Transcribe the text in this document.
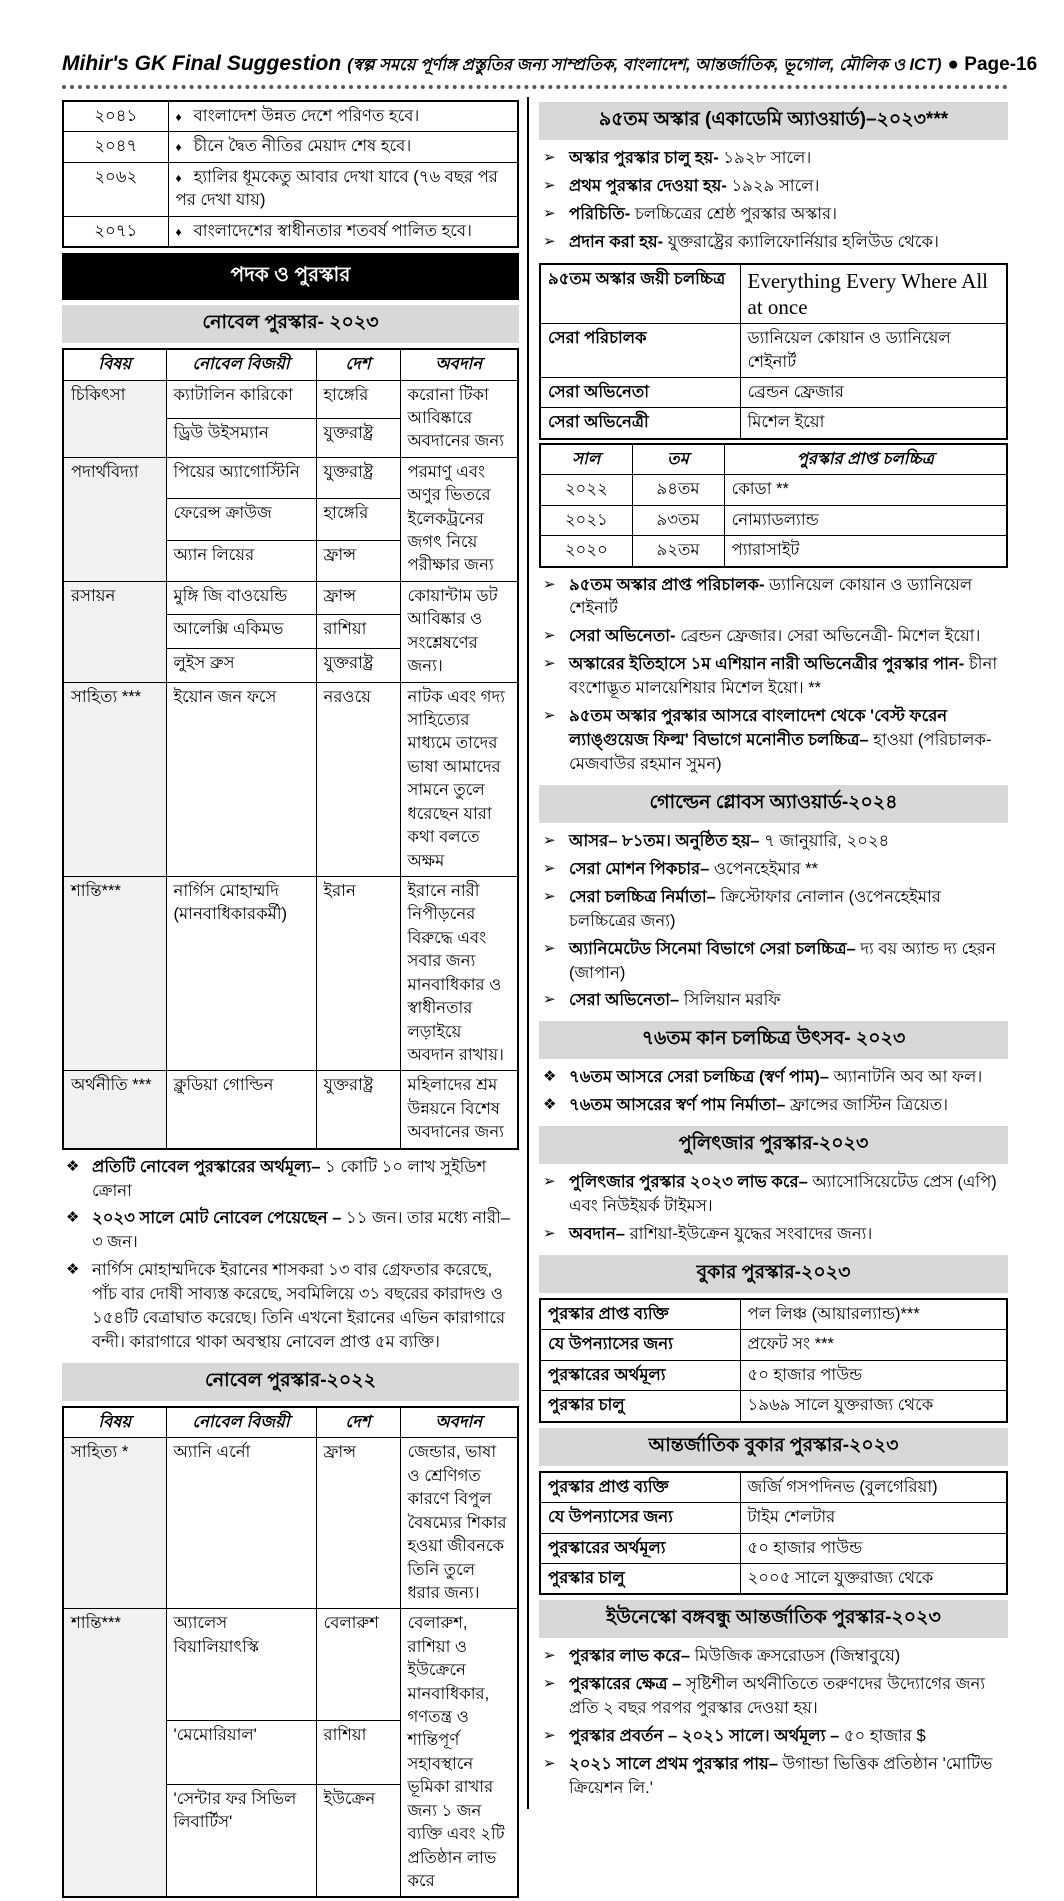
Mihir's GK Final Suggestion (স্বল্প সময়ে পূর্ণাঙ্গ প্রস্তুতির জন্য সাম্প্রতিক, বাংলাদেশ, আন্তর্জাতিক, ভূগোল, মৌলিক ও ICT) ● Page-16
২০৪১	♦ বাংলাদেশ উন্নত দেশে পরিণত হবে।
২০৪৭	♦ চীনে দ্বৈত নীতির মেয়াদ শেষ হবে।
২০৬২	♦ হ্যালির ধূমকেতু আবার দেখা যাবে (৭৬ বছর পর পর দেখা যায়)
২০৭১	♦ বাংলাদেশের স্বাধীনতার শতবর্ষ পালিত হবে।
পদক ও পুরস্কার
নোবেল পুরস্কার- ২০২৩
বিষয়	নোবেল বিজয়ী	দেশ	অবদান
চিকিৎসা	ক্যাটালিন কারিকো	হাঙ্গেরি	করোনা টিকা আবিষ্কারে অবদানের জন্য
	ড্রিউ উইসম্যান	যুক্তরাষ্ট্র	
পদার্থবিদ্যা	পিয়ের অ্যাগোস্টিনি	যুক্তরাষ্ট্র	পরমাণু এবং অণুর ভিতরে ইলেকট্রনের জগৎ নিয়ে পরীক্ষার জন্য
	ফেরেন্স ক্রাউজ	হাঙ্গেরি	
	অ্যান লিয়ের	ফ্রান্স	
রসায়ন	মুঙ্গি জি বাওয়েন্ডি	ফ্রান্স	কোয়ান্টাম ডট আবিষ্কার ও সংশ্লেষণের জন্য।
	আলেক্সি একিমভ	রাশিয়া	
	লুইস ব্রুস	যুক্তরাষ্ট্র	
সাহিত্য ***	ইয়োন জন ফসে	নরওয়ে	নাটক এবং গদ্য সাহিত্যের মাধ্যমে তাদের ভাষা আমাদের সামনে তুলে ধরেছেন যারা কথা বলতে অক্ষম
শান্তি***	নার্গিস মোহাম্মদি (মানবাধিকারকর্মী)	ইরান	ইরানে নারী নিপীড়নের বিরুদ্ধে এবং সবার জন্য মানবাধিকার ও স্বাধীনতার লড়াইয়ে অবদান রাখায়।
অর্থনীতি ***	ক্লুডিয়া গোল্ডিন	যুক্তরাষ্ট্র	মহিলাদের শ্রম উন্নয়নে বিশেষ অবদানের জন্য
❖ প্রতিটি নোবেল পুরস্কারের অর্থমূল্য– ১ কোটি ১০ লাখ সুইডিশ ক্রোনা
❖ ২০২৩ সালে মোট নোবেল পেয়েছেন – ১১ জন। তার মধ্যে নারী– ৩ জন।
❖ নার্গিস মোহাম্মদিকে ইরানের শাসকরা ১৩ বার গ্রেফতার করেছে, পাঁচ বার দোষী সাব্যস্ত করেছে, সবমিলিয়ে ৩১ বছরের কারাদণ্ড ও ১৫৪টি বেত্রাঘাত করেছে। তিনি এখনো ইরানের এভিন কারাগারে বন্দী। কারাগারে থাকা অবস্থায় নোবেল প্রাপ্ত ৫ম ব্যক্তি।
নোবেল পুরস্কার-২০২২
বিষয়	নোবেল বিজয়ী	দেশ	অবদান
সাহিত্য *	অ্যানি এর্নো	ফ্রান্স	জেন্ডার, ভাষা ও শ্রেণিগত কারণে বিপুল বৈষম্যের শিকার হওয়া জীবনকে তিনি তুলে ধরার জন্য।
শান্তি***	অ্যালেস বিয়ালিয়াৎস্কি	বেলারুশ	বেলারুশ, রাশিয়া ও ইউক্রেনে মানবাধিকার, গণতন্ত্র ও শান্তিপূর্ণ সহাবস্থানে ভূমিকা রাখার জন্য ১ জন ব্যক্তি এবং ২টি প্রতিষ্ঠান লাভ করে
	'মেমোরিয়াল'	রাশিয়া	
	'সেন্টার ফর সিভিল লিবার্টিস'	ইউক্রেন	
৯৫তম অস্কার (একাডেমি অ্যাওয়ার্ড)–২০২৩***
➢ অস্কার পুরস্কার চালু হয়- ১৯২৮ সালে।
➢ প্রথম পুরস্কার দেওয়া হয়- ১৯২৯ সালে।
➢ পরিচিতি- চলচ্চিত্রের শ্রেষ্ঠ পুরস্কার অস্কার।
➢ প্রদান করা হয়- যুক্তরাষ্ট্রের ক্যালিফোর্নিয়ার হলিউড থেকে।
৯৫তম অস্কার জয়ী চলচ্চিত্র	Everything Every Where All at once
সেরা পরিচালক	ড্যানিয়েল কোয়ান ও ড্যানিয়েল শেইনার্ট
সেরা অভিনেতা	ব্রেন্ডন ফ্রেজার
সেরা অভিনেত্রী	মিশেল ইয়ো
সাল	তম	পুরস্কার প্রাপ্ত চলচ্চিত্র
২০২২	৯৪তম	কোডা **
২০২১	৯৩তম	নোম্যাডল্যান্ড
২০২০	৯২তম	প্যারাসাইট
➢ ৯৫তম অস্কার প্রাপ্ত পরিচালক- ড্যানিয়েল কোয়ান ও ড্যানিয়েল শেইনার্ট
➢ সেরা অভিনেতা- ব্রেন্ডন ফ্রেজার। সেরা অভিনেত্রী- মিশেল ইয়ো।
➢ অস্কারের ইতিহাসে ১ম এশিয়ান নারী অভিনেত্রীর পুরস্কার পান- চীনা বংশোদ্ভূত মালয়েশিয়ার মিশেল ইয়ো। **
➢ ৯৫তম অস্কার পুরস্কার আসরে বাংলাদেশ থেকে 'বেস্ট ফরেন ল্যাঙ্গুয়েজ ফিল্ম' বিভাগে মনোনীত চলচ্চিত্র– হাওয়া (পরিচালক- মেজবাউর রহমান সুমন)
গোল্ডেন গ্লোবস অ্যাওয়ার্ড-২০২৪
➢ আসর– ৮১তম। অনুষ্ঠিত হয়– ৭ জানুয়ারি, ২০২৪
➢ সেরা মোশন পিকচার– ওপেনহেইমার **
➢ সেরা চলচ্চিত্র নির্মাতা– ক্রিস্টোফার নোলান (ওপেনহেইমার চলচ্চিত্রের জন্য)
➢ অ্যানিমেটেড সিনেমা বিভাগে সেরা চলচ্চিত্র– দ্য বয় অ্যান্ড দ্য হেরন (জাপান)
➢ সেরা অভিনেতা– সিলিয়ান মরফি
৭৬তম কান চলচ্চিত্র উৎসব- ২০২৩
❖ ৭৬তম আসরে সেরা চলচ্চিত্র (স্বর্ণ পাম)– অ্যানাটনি অব আ ফল।
❖ ৭৬তম আসরের স্বর্ণ পাম নির্মাতা– ফ্রান্সের জাস্টিন ত্রিয়েত।
পুলিৎজার পুরস্কার-২০২৩
➢ পুলিৎজার পুরস্কার ২০২৩ লাভ করে– অ্যাসোসিয়েটেড প্রেস (এপি) এবং নিউইয়র্ক টাইমস।
➢ অবদান– রাশিয়া-ইউক্রেন যুদ্ধের সংবাদের জন্য।
বুকার পুরস্কার-২০২৩
পুরস্কার প্রাপ্ত ব্যক্তি	পল লিঞ্চ (আয়ারল্যান্ড)***
যে উপন্যাসের জন্য	প্রফেট সং ***
পুরস্কারের অর্থমূল্য	৫০ হাজার পাউন্ড
পুরস্কার চালু	১৯৬৯ সালে যুক্তরাজ্য থেকে
আন্তর্জাতিক বুকার পুরস্কার-২০২৩
পুরস্কার প্রাপ্ত ব্যক্তি	জর্জি গসপদিনভ (বুলগেরিয়া)
যে উপন্যাসের জন্য	টাইম শেলটার
পুরস্কারের অর্থমূল্য	৫০ হাজার পাউন্ড
পুরস্কার চালু	২০০৫ সালে যুক্তরাজ্য থেকে
ইউনেস্কো বঙ্গবন্ধু আন্তর্জাতিক পুরস্কার-২০২৩
➢ পুরস্কার লাভ করে– মিউজিক ক্রসরোডস (জিম্বাবুয়ে)
➢ পুরস্কারের ক্ষেত্র – সৃষ্টিশীল অর্থনীতিতে তরুণদের উদ্যোগের জন্য প্রতি ২ বছর পরপর পুরস্কার দেওয়া হয়।
➢ পুরস্কার প্রবর্তন – ২০২১ সালে। অর্থমূল্য – ৫০ হাজার $
➢ ২০২১ সালে প্রথম পুরস্কার পায়– উগান্ডা ভিত্তিক প্রতিষ্ঠান 'মোটিভ ক্রিয়েশন লি.'
